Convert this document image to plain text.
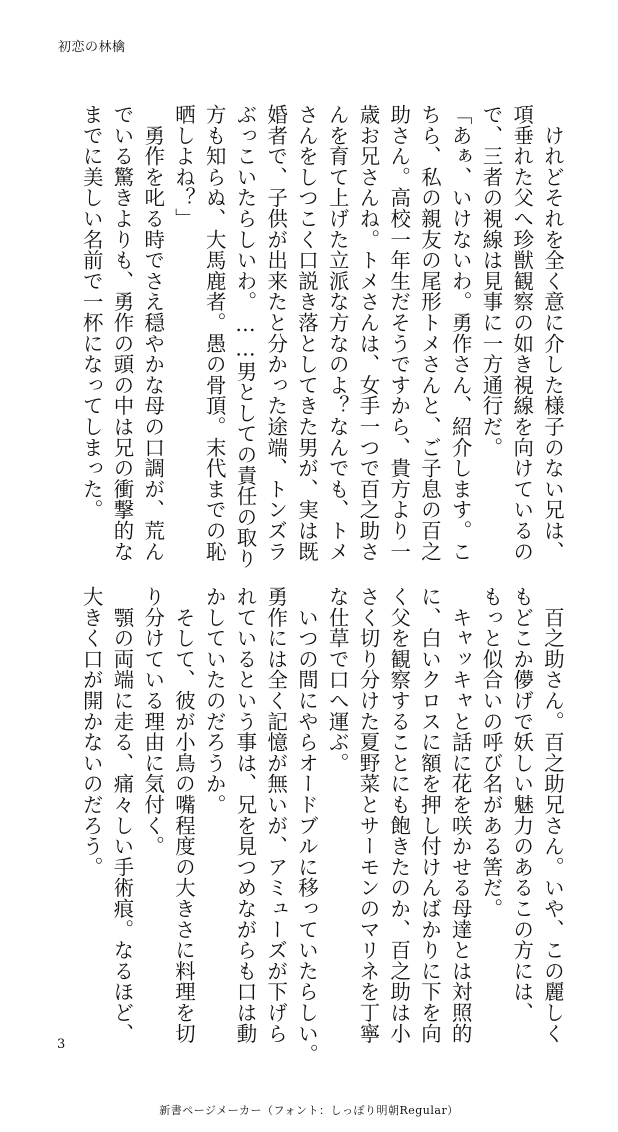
初恋の林檎

　けれどそれを全く意に介した様子のない兄は、

項垂れた父へ珍獣観察の如き視線を向けているの

で、三者の視線は見事に一方通行だ。

「あぁ、いけないわ。勇作さん、紹介します。こ

ちら、私の親友の尾形トメさんと、ご子息の百之

助さん。高校一年生だそうですから、貴方より一

歳お兄さんね。トメさんは、女手一つで百之助さ

んを育て上げた立派な方なのよ？なんでも、トメ

さんをしつこく口説き落としてきた男が、実は既

婚者で、子供が出来たと分かった途端、トンズラ

ぶっこいたらしいわ。……男としての責任の取り

方も知らぬ、大馬鹿者。愚の骨頂。末代までの恥

晒しよね？」

　勇作を叱る時でさえ穏やかな母の口調が、荒ん

でいる驚きよりも、勇作の頭の中は兄の衝撃的な

までに美しい名前で一杯になってしまった。

　百之助さん。百之助兄さん。いや、この麗しく

もどこか儚げで妖しい魅力のあるこの方には、

もっと似合いの呼び名がある筈だ。

　キャッキャと話に花を咲かせる母達とは対照的

に、白いクロスに額を押し付けんばかりに下を向

く父を観察することにも飽きたのか、百之助は小

さく切り分けた夏野菜とサーモンのマリネを丁寧

な仕草で口へ運ぶ。

　いつの間にやらオードブルに移っていたらしい。

勇作には全く記憶が無いが、アミューズが下げら

れているという事は、兄を見つめながらも口は動

かしていたのだろうか。

　そして、彼が小鳥の嘴程度の大きさに料理を切

り分けている理由に気付く。

　顎の両端に走る、痛々しい手術痕。なるほど、

大きく口が開かないのだろう。

3
新書ページメーカー（フォント：しっぽり明朝Regular）
